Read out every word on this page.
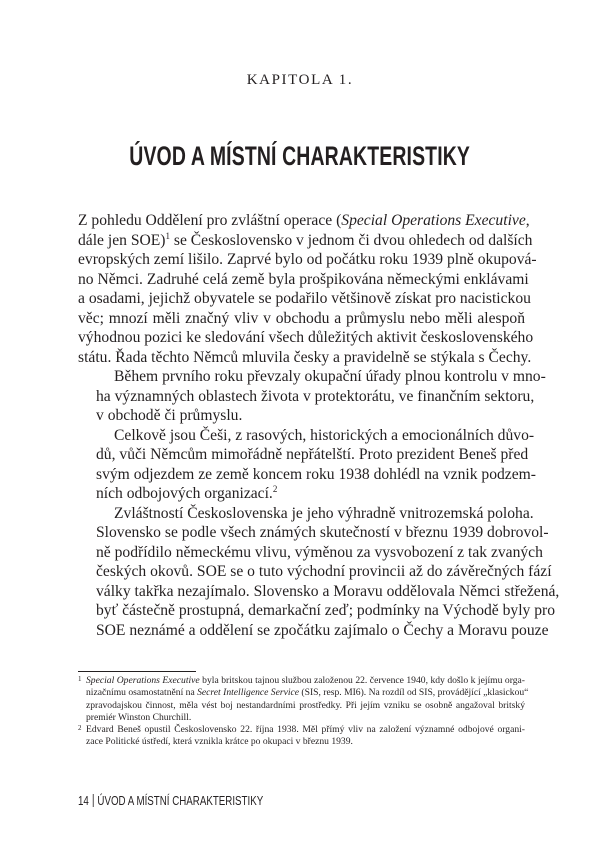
KAPITOLA 1.
ÚVOD A MÍSTNÍ CHARAKTERISTIKY

Z pohledu Oddělení pro zvláštní operace (Special Operations Executive,
dále jen SOE)$^1$ se Československo v jednom či dvou ohledech od dalších
evropských zemí lišilo. Zaprvé bylo od počátku roku 1939 plně okupová-
no Němci. Zadruhé celá země byla prošpikována německými enklávami
a osadami, jejichž obyvatele se podařilo většinově získat pro nacistickou
věc; mnozí měli značný vliv v obchodu a průmyslu nebo měli alespoň
výhodnou pozici ke sledování všech důležitých aktivit československého
státu. Řada těchto Němců mluvila česky a pravidelně se stýkala s Čechy.

Během prvního roku převzaly okupační úřady plnou kontrolu v mno-
ha významných oblastech života v protektorátu, ve finančním sektoru,
v obchodě či průmyslu.

Celkově jsou Češi, z rasových, historických a emocionálních důvo-
dů, vůči Němcům mimořádně nepřátelští. Proto prezident Beneš před
svým odjezdem ze země koncem roku 1938 dohlédl na vznik podzem-
ních odbojových organizací.$^2$

Zvláštností Československa je jeho výhradně vnitrozemská poloha.
Slovensko se podle všech známých skutečností v březnu 1939 dobrovol-
ně podřídilo německému vlivu, výměnou za vysvobození z tak zvaných
českých okovů. SOE se o tuto východní provincii až do závěrečných fází
války takřka nezajímalo. Slovensko a Moravu oddělovala Němci střežená,
byť částečně prostupná, demarkační zeď; podmínky na Východě byly pro
SOE neznámé a oddělení se zpočátku zajímalo o Čechy a Moravu pouze

1 Special Operations Executive byla britskou tajnou službou založenou 22. července 1940, kdy došlo k jejímu orga-
nizačnímu osamostatnění na Secret Intelligence Service (SIS, resp. MI6). Na rozdíl od SIS, provádějící „klasickou“
zpravodajskou činnost, měla vést boj nestandardními prostředky. Při jejím vzniku se osobně angažoval britský
premiér Winston Churchill.
2 Edvard Beneš opustil Československo 22. října 1938. Měl přímý vliv na založení významné odbojové organi-
zace Politické ústředí, která vznikla krátce po okupaci v březnu 1939.
14 ÚVOD A MÍSTNÍ CHARAKTERISTIKY
